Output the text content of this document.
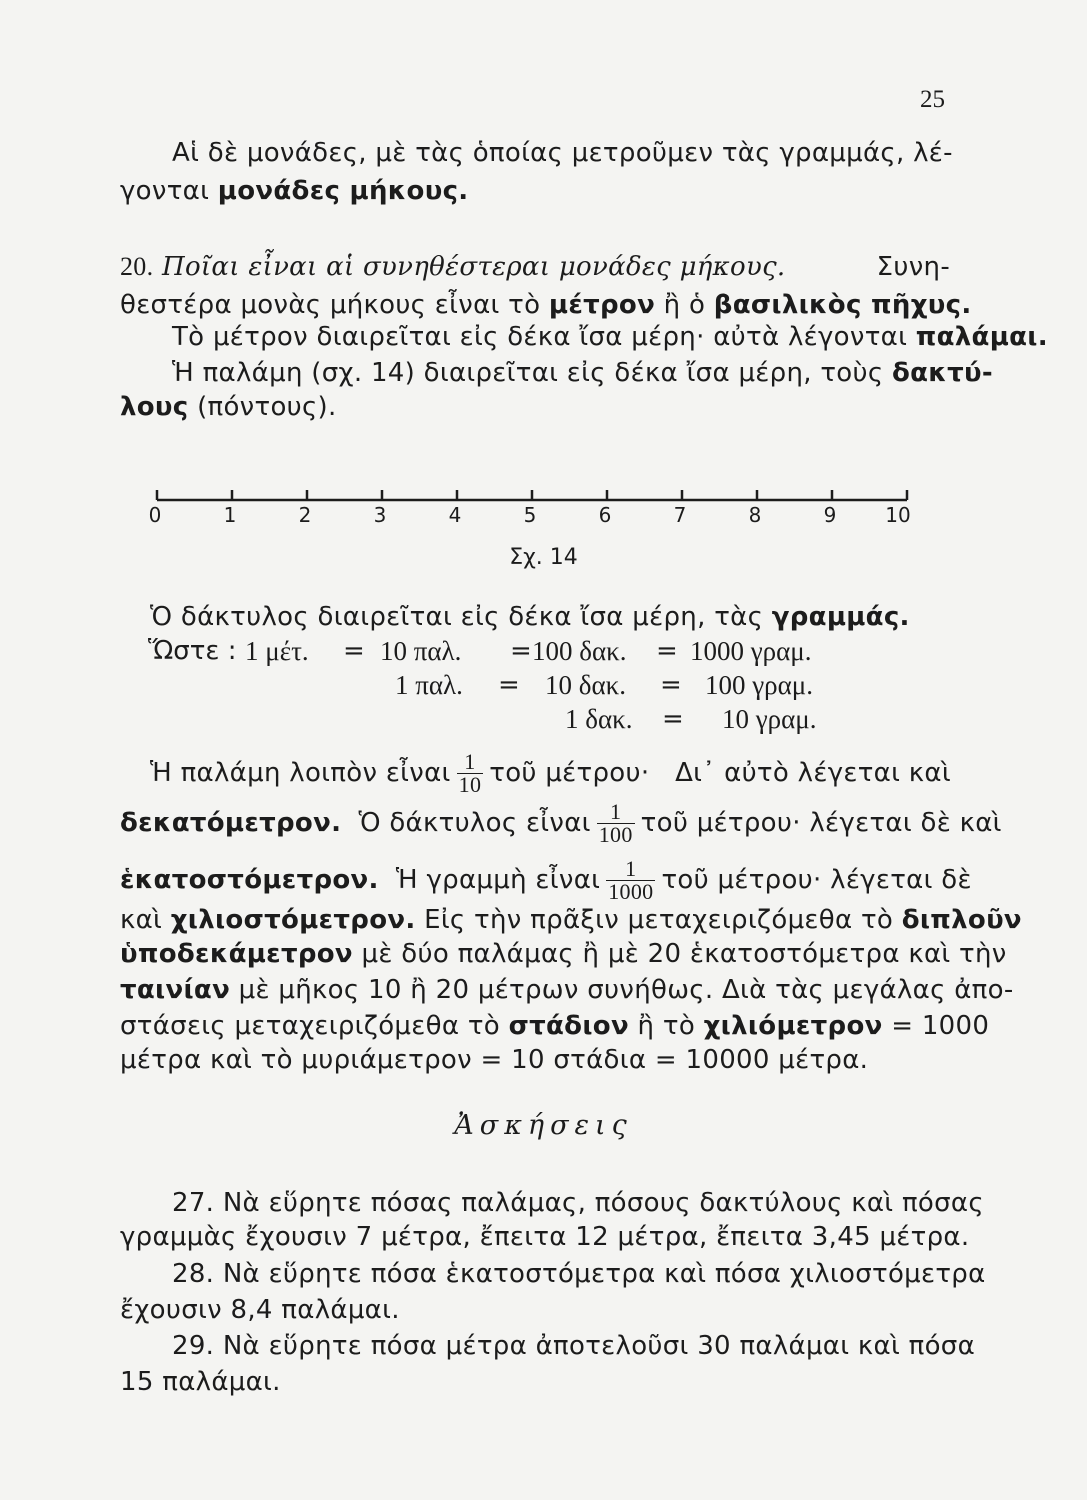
25
Αἱ δὲ μονάδες, μὲ τὰς ὁποίας μετροῦμεν τὰς γραμμάς, λέ-
γονται μονάδες μήκους.
20. Ποῖαι εἶναι αἱ συνηθέστεραι μονάδες μήκους.	Συνη-
θεστέρα μονὰς μήκους εἶναι τὸ μέτρον ἢ ὁ βασιλικὸς πῆχυς.
Τὸ μέτρον διαιρεῖται εἰς δέκα ἴσα μέρη· αὐτὰ λέγονται παλάμαι.
Ἡ παλάμη (σχ. 14) διαιρεῖται εἰς δέκα ἴσα μέρη, τοὺς δακτύ-
λους (πόντους).
0	1	2	3	4	5	6	7	8	9 10
Σχ. 14
Ὁ δάκτυλος διαιρεῖται εἰς δέκα ἴσα μέρη, τὰς γραμμάς.
Ὥστε : 1 μέτ. = 10 παλ. = 100 δακ. = 1000 γραμ.
1 παλ. = 10 δακ. = 100 γραμ.
1 δακ. = 10 γραμ.
Ἡ παλάμη λοιπὸν εἶναι $\frac{1}{10}$ τοῦ μέτρου· Δι᾽ αὐτὸ λέγεται καὶ
δεκατόμετρον. Ὁ δάκτυλος εἶναι $\frac{1}{100}$ τοῦ μέτρου· λέγεται δὲ καὶ
ἑκατοστόμετρον. Ἡ γραμμὴ εἶναι $\frac{1}{1000}$ τοῦ μέτρου· λέγεται δὲ
καὶ χιλιοστόμετρον. Εἰς τὴν πρᾶξιν μεταχειριζόμεθα τὸ διπλοῦν
ὑποδεκάμετρον μὲ δύο παλάμας ἢ μὲ 20 ἑκατοστόμετρα καὶ τὴν
ταινίαν μὲ μῆκος 10 ἢ 20 μέτρων συνήθως. Διὰ τὰς μεγάλας ἀπο-
στάσεις μεταχειριζόμεθα τὸ στάδιον ἢ τὸ χιλιόμετρον = 1000
μέτρα καὶ τὸ μυριάμετρον = 10 στάδια = 10000 μέτρα.
Ἀσκήσεις
27. Νὰ εὕρητε πόσας παλάμας, πόσους δακτύλους καὶ πόσας
γραμμὰς ἔχουσιν 7 μέτρα, ἔπειτα 12 μέτρα, ἔπειτα 3,45 μέτρα.
28. Νὰ εὕρητε πόσα ἑκατοστόμετρα καὶ πόσα χιλιοστόμετρα
ἔχουσιν 8,4 παλάμαι.
29. Νὰ εὕρητε πόσα μέτρα ἀποτελοῦσι 30 παλάμαι καὶ πόσα
15 παλάμαι.
